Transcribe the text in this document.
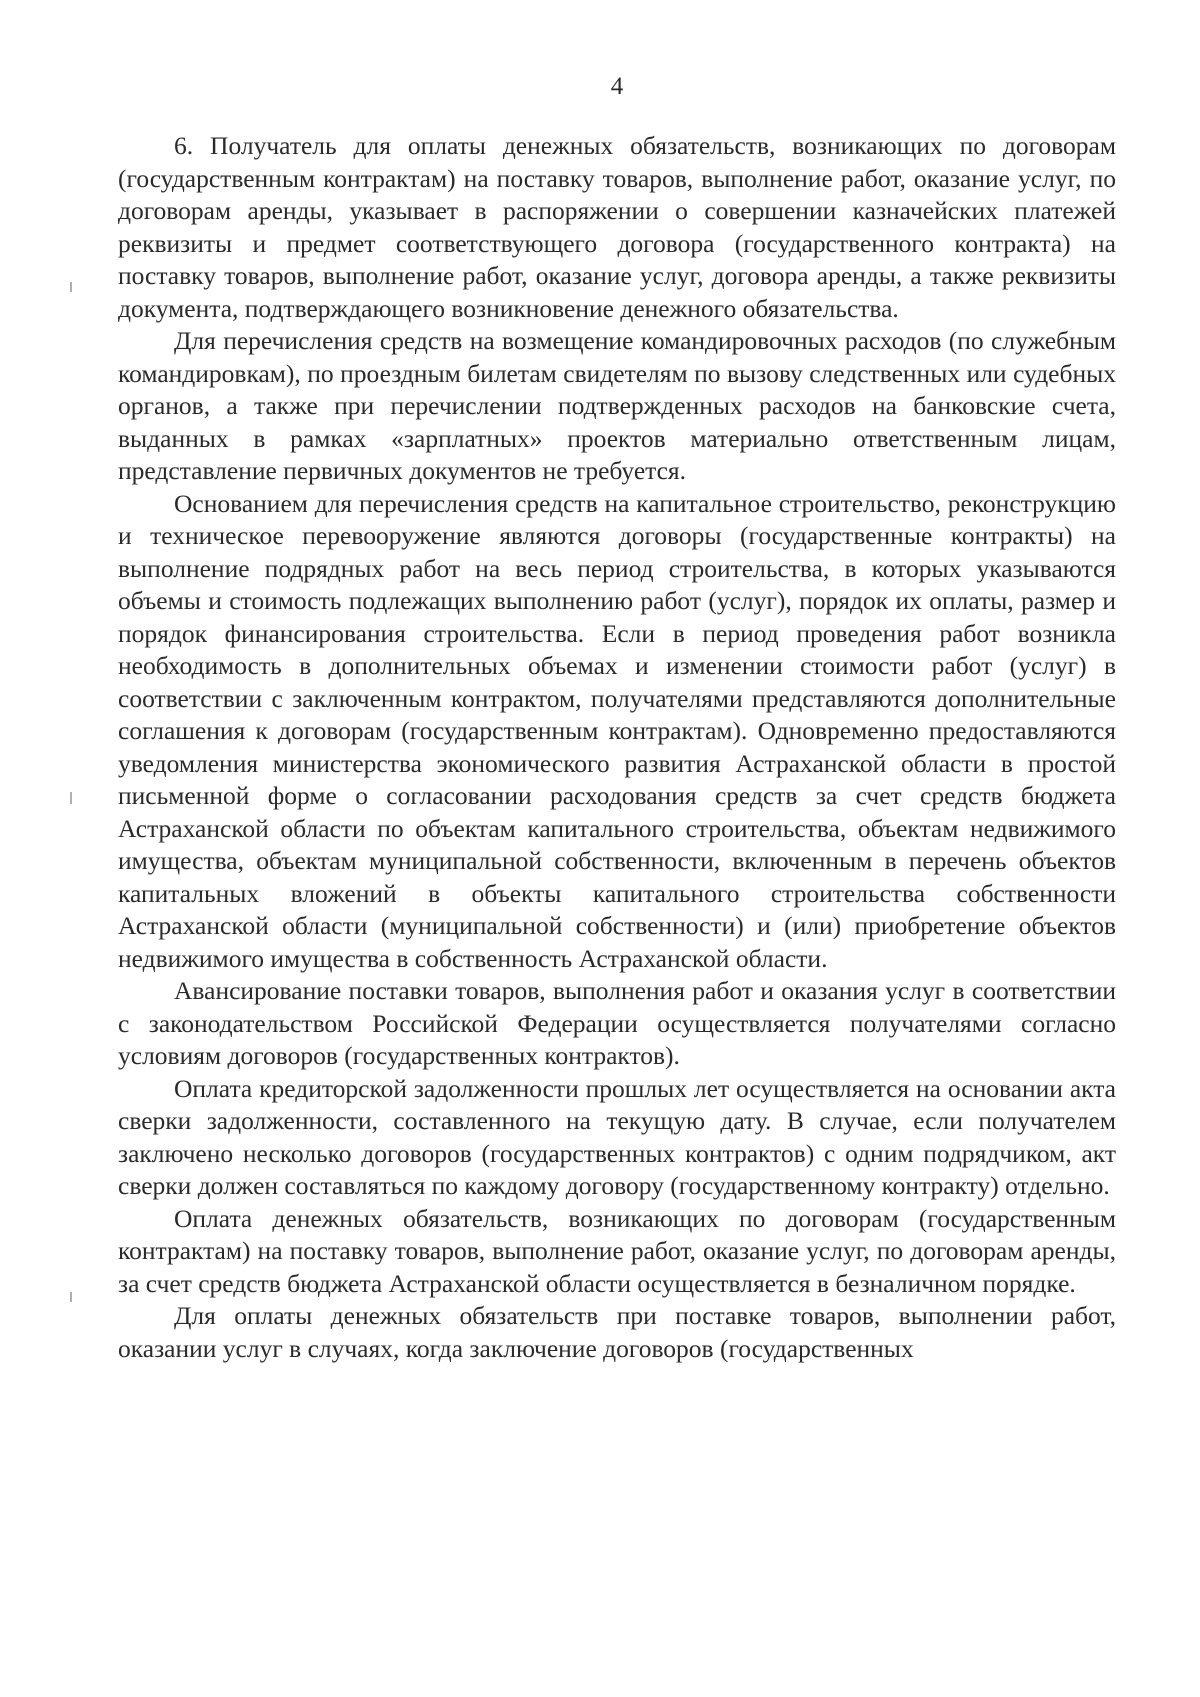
4

6. Получатель для оплаты денежных обязательств, возникающих по договорам (государственным контрактам) на поставку товаров, выполнение работ, оказание услуг, по договорам аренды, указывает в распоряжении о совершении казначейских платежей реквизиты и предмет соответствующего договора (государственного контракта) на поставку товаров, выполнение работ, оказание услуг, договора аренды, а также реквизиты документа, подтверждающего возникновение денежного обязательства.

Для перечисления средств на возмещение командировочных расходов (по служебным командировкам), по проездным билетам свидетелям по вызову следственных или судебных органов, а также при перечислении подтвержденных расходов на банковские счета, выданных в рамках «зарплатных» проектов материально ответственным лицам, представление первичных документов не требуется.

Основанием для перечисления средств на капитальное строительство, реконструкцию и техническое перевооружение являются договоры (государственные контракты) на выполнение подрядных работ на весь период строительства, в которых указываются объемы и стоимость подлежащих выполнению работ (услуг), порядок их оплаты, размер и порядок финансирования строительства. Если в период проведения работ возникла необходимость в дополнительных объемах и изменении стоимости работ (услуг) в соответствии с заключенным контрактом, получателями представляются дополнительные соглашения к договорам (государственным контрактам). Одновременно предоставляются уведомления министерства экономического развития Астраханской области в простой письменной форме о согласовании расходования средств за счет средств бюджета Астраханской области по объектам капитального строительства, объектам недвижимого имущества, объектам муниципальной собственности, включенным в перечень объектов капитальных вложений в объекты капитального строительства собственности Астраханской области (муниципальной собственности) и (или) приобретение объектов недвижимого имущества в собственность Астраханской области.

Авансирование поставки товаров, выполнения работ и оказания услуг в соответствии с законодательством Российской Федерации осуществляется получателями согласно условиям договоров (государственных контрактов).

Оплата кредиторской задолженности прошлых лет осуществляется на основании акта сверки задолженности, составленного на текущую дату. В случае, если получателем заключено несколько договоров (государственных контрактов) с одним подрядчиком, акт сверки должен составляться по каждому договору (государственному контракту) отдельно.

Оплата денежных обязательств, возникающих по договорам (государственным контрактам) на поставку товаров, выполнение работ, оказание услуг, по договорам аренды, за счет средств бюджета Астраханской области осуществляется в безналичном порядке.

Для оплаты денежных обязательств при поставке товаров, выполнении работ, оказании услуг в случаях, когда заключение договоров (государственных
